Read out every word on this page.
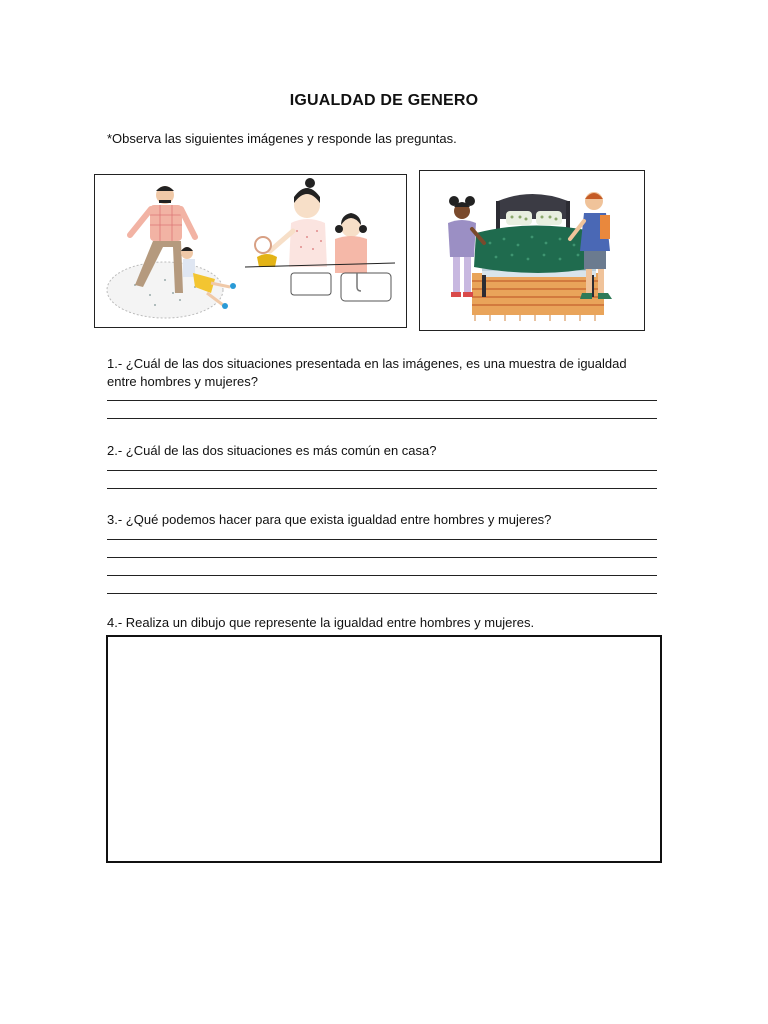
IGUALDAD DE GENERO
*Observa las siguientes imágenes y responde las preguntas.
1.- ¿Cuál de las dos situaciones presentada en las imágenes, es una muestra de igualdad entre hombres y mujeres?
2.- ¿Cuál de las dos situaciones es más común en casa?
3.- ¿Qué podemos hacer para que exista igualdad entre hombres y mujeres?
4.- Realiza un dibujo que represente la igualdad entre hombres y mujeres.
